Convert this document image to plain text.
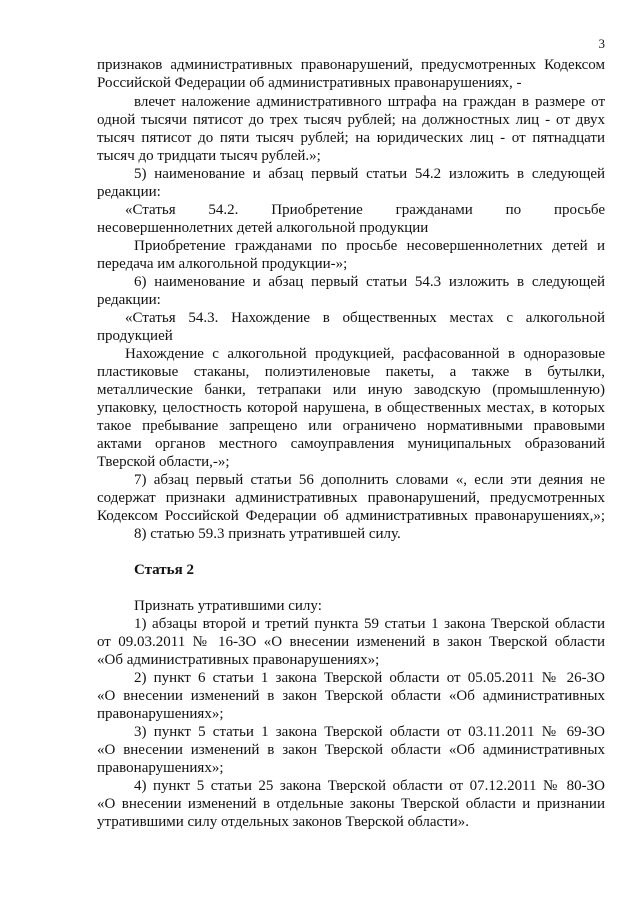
3
признаков административных правонарушений, предусмотренных Кодексом
Российской Федерации об административных правонарушениях, -
влечет наложение административного штрафа на граждан в размере от
одной тысячи пятисот до трех тысяч рублей; на должностных лиц - от двух
тысяч пятисот до пяти тысяч рублей; на юридических лиц - от пятнадцати
тысяч до тридцати тысяч рублей.»;
5) наименование и абзац первый статьи 54.2 изложить в следующей
редакции:
«Статья 54.2. Приобретение гражданами по просьбе
несовершеннолетних детей алкогольной продукции
Приобретение гражданами по просьбе несовершеннолетних детей и
передача им алкогольной продукции-»;
6) наименование и абзац первый статьи 54.3 изложить в следующей
редакции:
«Статья 54.3. Нахождение в общественных местах с алкогольной
продукцией
Нахождение с алкогольной продукцией, расфасованной в одноразовые
пластиковые стаканы, полиэтиленовые пакеты, а также в бутылки,
металлические банки, тетрапаки или иную заводскую (промышленную)
упаковку, целостность которой нарушена, в общественных местах, в которых
такое пребывание запрещено или ограничено нормативными правовыми
актами органов местного самоуправления муниципальных образований
Тверской области,-»;
7) абзац первый статьи 56 дополнить словами «, если эти деяния не
содержат признаки административных правонарушений, предусмотренных
Кодексом Российской Федерации об административных правонарушениях,»;
8) статью 59.3 признать утратившей силу.
Статья 2
Признать утратившими силу:
1) абзацы второй и третий пункта 59 статьи 1 закона Тверской области
от 09.03.2011 № 16-ЗО «О внесении изменений в закон Тверской области
«Об административных правонарушениях»;
2) пункт 6 статьи 1 закона Тверской области от 05.05.2011 № 26-ЗО
«О внесении изменений в закон Тверской области «Об административных
правонарушениях»;
3) пункт 5 статьи 1 закона Тверской области от 03.11.2011 № 69-ЗО
«О внесении изменений в закон Тверской области «Об административных
правонарушениях»;
4) пункт 5 статьи 25 закона Тверской области от 07.12.2011 № 80-ЗО
«О внесении изменений в отдельные законы Тверской области и признании
утратившими силу отдельных законов Тверской области».
